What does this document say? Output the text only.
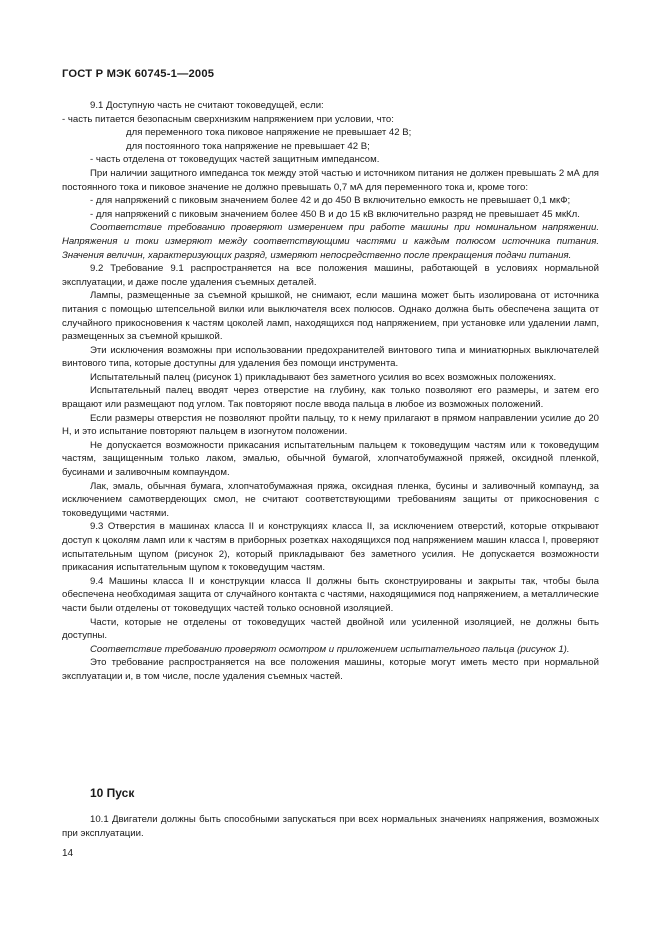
ГОСТ Р МЭК 60745-1—2005

9.1 Доступную часть не считают токоведущей, если:

- часть питается безопасным сверхнизким напряжением при условии, что:

для переменного тока пиковое напряжение не превышает 42 В;

для постоянного тока напряжение не превышает 42 В;

- часть отделена от токоведущих частей защитным импедансом.

При наличии защитного импеданса ток между этой частью и источником питания не должен превышать 2 мА для постоянного тока и пиковое значение не должно превышать 0,7 мА для переменного тока и, кроме того:

- для напряжений с пиковым значением более 42 и до 450 В включительно емкость не превышает 0,1 мкФ;

- для напряжений с пиковым значением более 450 В и до 15 кВ включительно разряд не превышает 45 мкКл.

Соответствие требованию проверяют измерением при работе машины при номинальном напряжении. Напряжения и токи измеряют между соответствующими частями и каждым полюсом источника питания. Значения величин, характеризующих разряд, измеряют непосредственно после прекращения подачи питания.

9.2 Требование 9.1 распространяется на все положения машины, работающей в условиях нормальной эксплуатации, и даже после удаления съемных деталей.

Лампы, размещенные за съемной крышкой, не снимают, если машина может быть изолирована от источника питания с помощью штепсельной вилки или выключателя всех полюсов. Однако должна быть обеспечена защита от случайного прикосновения к частям цоколей ламп, находящихся под напряжением, при установке или удалении ламп, размещенных за съемной крышкой.

Эти исключения возможны при использовании предохранителей винтового типа и миниатюрных выключателей винтового типа, которые доступны для удаления без помощи инструмента.

Испытательный палец (рисунок 1) прикладывают без заметного усилия во всех возможных положениях.

Испытательный палец вводят через отверстие на глубину, как только позволяют его размеры, и затем его вращают или размещают под углом. Так повторяют после ввода пальца в любое из возможных положений.

Если размеры отверстия не позволяют пройти пальцу, то к нему прилагают в прямом направлении усилие до 20 Н, и это испытание повторяют пальцем в изогнутом положении.

Не допускается возможности прикасания испытательным пальцем к токоведущим частям или к токоведущим частям, защищенным только лаком, эмалью, обычной бумагой, хлопчатобумажной пряжей, оксидной пленкой, бусинами и заливочным компаундом.

Лак, эмаль, обычная бумага, хлопчатобумажная пряжа, оксидная пленка, бусины и заливочный компаунд, за исключением самотвердеющих смол, не считают соответствующими требованиям защиты от прикосновения с токоведущими частями.

9.3 Отверстия в машинах класса II и конструкциях класса II, за исключением отверстий, которые открывают доступ к цоколям ламп или к частям в приборных розетках находящихся под напряжением машин класса I, проверяют испытательным щупом (рисунок 2), который прикладывают без заметного усилия. Не допускается возможности прикасания испытательным щупом к токоведущим частям.

9.4 Машины класса II и конструкции класса II должны быть сконструированы и закрыты так, чтобы была обеспечена необходимая защита от случайного контакта с частями, находящимися под напряжением, а металлические части были отделены от токоведущих частей только основной изоляцией.

Части, которые не отделены от токоведущих частей двойной или усиленной изоляцией, не должны быть доступны.

Соответствие требованию проверяют осмотром и приложением испытательного пальца (рисунок 1).

Это требование распространяется на все положения машины, которые могут иметь место при нормальной эксплуатации и, в том числе, после удаления съемных частей.

10 Пуск

10.1 Двигатели должны быть способными запускаться при всех нормальных значениях напряжения, возможных при эксплуатации.

14
